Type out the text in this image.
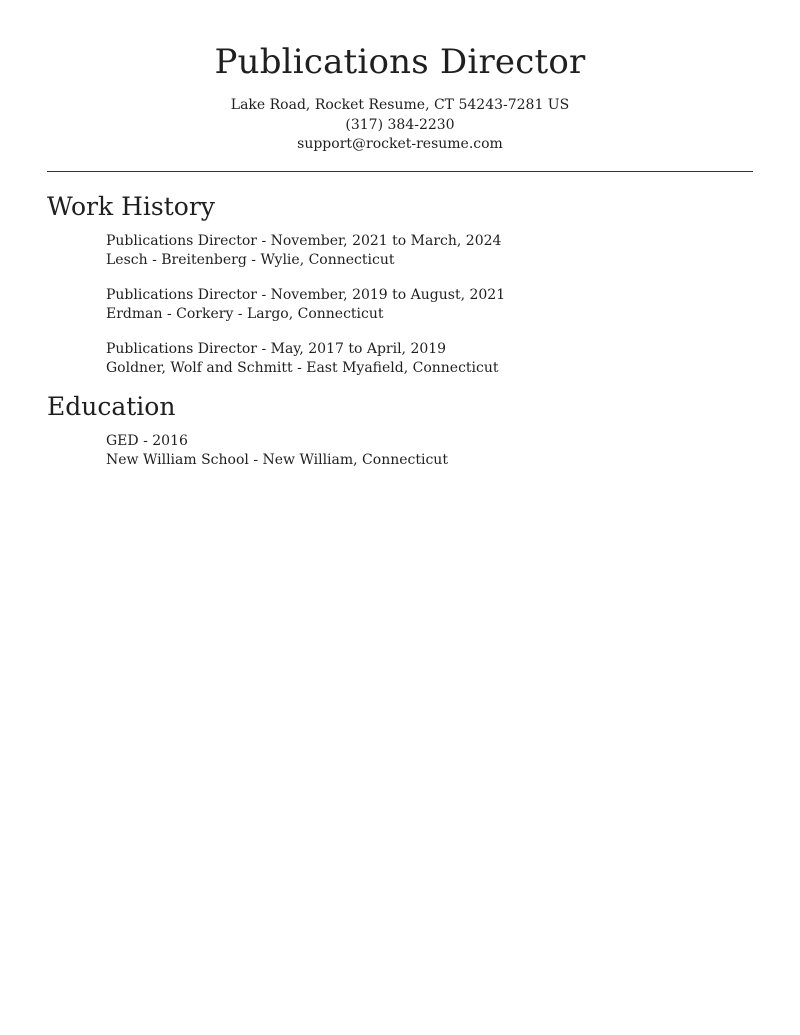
Publications Director
Lake Road, Rocket Resume, CT 54243-7281 US
(317) 384-2230
support@rocket-resume.com
Work History
Publications Director - November, 2021 to March, 2024
Lesch - Breitenberg - Wylie, Connecticut
Publications Director - November, 2019 to August, 2021
Erdman - Corkery - Largo, Connecticut
Publications Director - May, 2017 to April, 2019
Goldner, Wolf and Schmitt - East Myafield, Connecticut
Education
GED - 2016
New William School - New William, Connecticut
